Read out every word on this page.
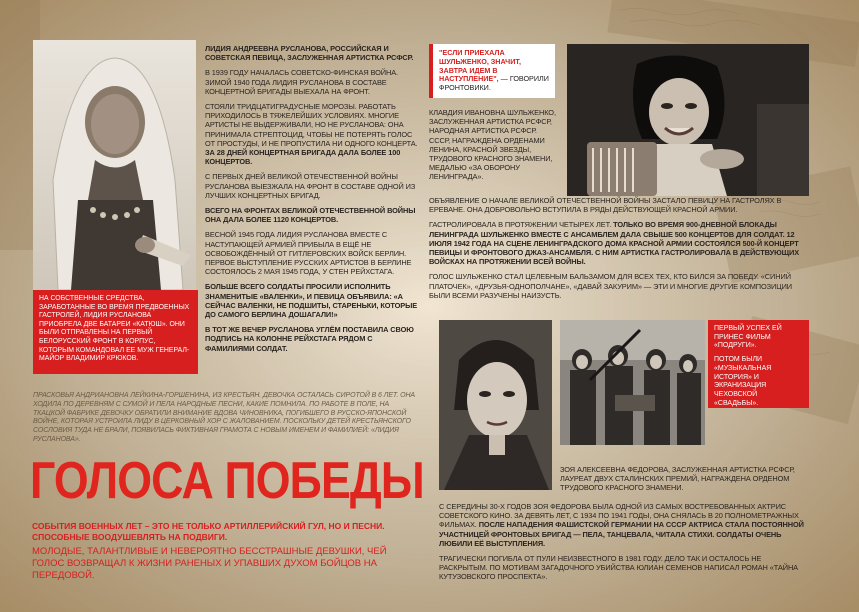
ЛИДИЯ АНДРЕЕВНА РУСЛАНОВА, РОССИЙСКАЯ И СОВЕТСКАЯ ПЕВИЦА, ЗАСЛУЖЕННАЯ АРТИСТКА РСФСР.

В 1939 ГОДУ НАЧАЛАСЬ СОВЕТСКО-ФИНСКАЯ ВОЙНА. ЗИМОЙ 1940 ГОДА ЛИДИЯ РУСЛАНОВА В СОСТАВЕ КОНЦЕРТНОЙ БРИГАДЫ ВЫЕХАЛА НА ФРОНТ.

СТОЯЛИ ТРИДЦАТИГРАДУСНЫЕ МОРОЗЫ. РАБОТАТЬ ПРИХОДИЛОСЬ В ТЯЖЕЛЕЙШИХ УСЛОВИЯХ. МНОГИЕ АРТИСТЫ НЕ ВЫДЕРЖИВАЛИ, НО НЕ РУСЛАНОВА: ОНА ПРИНИМАЛА СТРЕПТОЦИД, ЧТОБЫ НЕ ПОТЕРЯТЬ ГОЛОС ОТ ПРОСТУДЫ, И НЕ ПРОПУСТИЛА НИ ОДНОГО КОНЦЕРТА. ЗА 28 ДНЕЙ КОНЦЕРТНАЯ БРИГАДА ДАЛА БОЛЕЕ 100 КОНЦЕРТОВ.

С ПЕРВЫХ ДНЕЙ ВЕЛИКОЙ ОТЕЧЕСТВЕННОЙ ВОЙНЫ РУСЛАНОВА ВЫЕЗЖАЛА НА ФРОНТ В СОСТАВЕ ОДНОЙ ИЗ ЛУЧШИХ КОНЦЕРТНЫХ БРИГАД.

ВСЕГО НА ФРОНТАХ ВЕЛИКОЙ ОТЕЧЕСТВЕННОЙ ВОЙНЫ ОНА ДАЛА БОЛЕЕ 1120 КОНЦЕРТОВ.

ВЕСНОЙ 1945 ГОДА ЛИДИЯ РУСЛАНОВА ВМЕСТЕ С НАСТУПАЮЩЕЙ АРМИЕЙ ПРИБЫЛА В ЕЩЁ НЕ ОСВОБОЖДЁННЫЙ ОТ ГИТЛЕРОВСКИХ ВОЙСК БЕРЛИН. ПЕРВОЕ ВЫСТУПЛЕНИЕ РУССКИХ АРТИСТОВ В БЕРЛИНЕ СОСТОЯЛОСЬ 2 МАЯ 1945 ГОДА, У СТЕН РЕЙХСТАГА.

БОЛЬШЕ ВСЕГО СОЛДАТЫ ПРОСИЛИ ИСПОЛНИТЬ ЗНАМЕНИТЫЕ «ВАЛЕНКИ», И ПЕВИЦА ОБЪЯВИЛА: «А СЕЙЧАС ВАЛЕНКИ, НЕ ПОДШИТЫ, СТАРЕНЬКИ, КОТОРЫЕ ДО САМОГО БЕРЛИНА ДОШАГАЛИ!»

В ТОТ ЖЕ ВЕЧЕР РУСЛАНОВА УГЛЁМ ПОСТАВИЛА СВОЮ ПОДПИСЬ НА КОЛОННЕ РЕЙХСТАГА РЯДОМ С ФАМИЛИЯМИ СОЛДАТ.

НА СОБСТВЕННЫЕ СРЕДСТВА, ЗАРАБОТАННЫЕ ВО ВРЕМЯ ПРЕДВОЕННЫХ ГАСТРОЛЕЙ, ЛИДИЯ РУСЛАНОВА ПРИОБРЕЛА ДВЕ БАТАРЕИ «КАТЮШ». ОНИ БЫЛИ ОТПРАВЛЕНЫ НА ПЕРВЫЙ БЕЛОРУССКИЙ ФРОНТ В КОРПУС, КОТОРЫМ КОМАНДОВАЛ ЕЕ МУЖ ГЕНЕРАЛ-МАЙОР ВЛАДИМИР КРЮКОВ.
ПРАСКОВЬЯ АНДРИАНОВНА ЛЕЙКИНА-ГОРШЕНИНА, ИЗ КРЕСТЬЯН. ДЕВОЧКА ОСТАЛАСЬ СИРОТОЙ В 6 ЛЕТ. ОНА ХОДИЛА ПО ДЕРЕВНЯМ С СУМОЙ И ПЕЛА НАРОДНЫЕ ПЕСНИ, КАКИЕ ПОМНИЛА. ПО РАБОТЕ В ПОЛЕ, НА ТКАЦКОЙ ФАБРИКЕ ДЕВОЧКУ ОБРАТИЛИ ВНИМАНИЕ ВДОВА ЧИНОВНИКА, ПОГИБШЕГО В РУССКО-ЯПОНСКОЙ ВОЙНЕ, КОТОРАЯ УСТРОИЛА ЛИДУ В ЦЕРКОВНЫЙ ХОР С ЖАЛОВАНИЕМ. ПОСКОЛЬКУ ДЕТЕЙ КРЕСТЬЯНСКОГО СОСЛОВИЯ ТУДА НЕ БРАЛИ, ПОЯВИЛАСЬ ФИКТИВНАЯ ГРАМОТА С НОВЫМ ИМЕНЕМ И ФАМИЛИЕЙ: «ЛИДИЯ РУСЛАНОВА».
ГОЛОСА ПОБЕДЫ
СОБЫТИЯ ВОЕННЫХ ЛЕТ – ЭТО НЕ ТОЛЬКО АРТИЛЛЕРИЙСКИЙ ГУЛ, НО И ПЕСНИ. СПОСОБНЫЕ ВООДУШЕВЛЯТЬ НА ПОДВИГИ.
МОЛОДЫЕ, ТАЛАНТЛИВЫЕ И НЕВЕРОЯТНО БЕССТРАШНЫЕ ДЕВУШКИ, ЧЕЙ ГОЛОС ВОЗВРАЩАЛ К ЖИЗНИ РАНЕНЫХ И УПАВШИХ ДУХОМ БОЙЦОВ НА ПЕРЕДОВОЙ.
"ЕСЛИ ПРИЕХАЛА ШУЛЬЖЕНКО, ЗНАЧИТ, ЗАВТРА ИДЕМ В НАСТУПЛЕНИЕ", — ГОВОРИЛИ ФРОНТОВИКИ.

КЛАВДИЯ ИВАНОВНА ШУЛЬЖЕНКО, ЗАСЛУЖЕННАЯ АРТИСТКА РСФСР, НАРОДНАЯ АРТИСТКА РСФСР. СССР, НАГРАЖДЕНА ОРДЕНАМИ ЛЕНИНА, КРАСНОЙ ЗВЕЗДЫ, ТРУДОВОГО КРАСНОГО ЗНАМЕНИ, МЕДАЛЬЮ «ЗА ОБОРОНУ ЛЕНИНГРАДА».

ОБЪЯВЛЕНИЕ О НАЧАЛЕ ВЕЛИКОЙ ОТЕЧЕСТВЕННОЙ ВОЙНЫ ЗАСТАЛО ПЕВИЦУ НА ГАСТРОЛЯХ В ЕРЕВАНЕ. ОНА ДОБРОВОЛЬНО ВСТУПИЛА В РЯДЫ ДЕЙСТВУЮЩЕЙ КРАСНОЙ АРМИИ.

ГАСТРОЛИРОВАЛА В ПРОТЯЖЕНИИ ЧЕТЫРЕХ ЛЕТ. ТОЛЬКО ВО ВРЕМЯ 900-ДНЕВНОЙ БЛОКАДЫ ЛЕНИНГРАДА ШУЛЬЖЕНКО ВМЕСТЕ С АНСАМБЛЕМ ДАЛА СВЫШЕ 500 КОНЦЕРТОВ ДЛЯ СОЛДАТ. 12 ИЮЛЯ 1942 ГОДА НА СЦЕНЕ ЛЕНИНГРАДСКОГО ДОМА КРАСНОЙ АРМИИ СОСТОЯЛСЯ 500-Й КОНЦЕРТ ПЕВИЦЫ И ФРОНТОВОГО ДЖАЗ-АНСАМБЛЯ. С НИМ АРТИСТКА ГАСТРОЛИРОВАЛА В ДЕЙСТВУЮЩИХ ВОЙСКАХ НА ПРОТЯЖЕНИИ ВСЕЙ ВОЙНЫ.

ГОЛОС ШУЛЬЖЕНКО СТАЛ ЦЕЛЕБНЫМ БАЛЬЗАМОМ ДЛЯ ВСЕХ ТЕХ, КТО БИЛСЯ ЗА ПОБЕДУ. «СИНИЙ ПЛАТОЧЕК», «ДРУЗЬЯ-ОДНОПОЛЧАНЕ», «ДАВАЙ ЗАКУРИМ» — ЭТИ И МНОГИЕ ДРУГИЕ КОМПОЗИЦИИ БЫЛИ ВСЕМИ РАЗУЧЕНЫ НАИЗУСТЬ.

ПЕРВЫЙ УСПЕХ ЕЙ ПРИНЕС ФИЛЬМ «ПОДРУГИ».
ПОТОМ БЫЛИ «МУЗЫКАЛЬНАЯ ИСТОРИЯ» И ЭКРАНИЗАЦИЯ ЧЕХОВСКОЙ «СВАДЬБЫ».

ЗОЯ АЛЕКСЕЕВНА ФЕДОРОВА, ЗАСЛУЖЕННАЯ АРТИСТКА РСФСР, ЛАУРЕАТ ДВУХ СТАЛИНСКИХ ПРЕМИЙ, НАГРАЖДЕНА ОРДЕНОМ ТРУДОВОГО КРАСНОГО ЗНАМЕНИ.

С СЕРЕДИНЫ 30-Х ГОДОВ ЗОЯ ФЕДОРОВА БЫЛА ОДНОЙ ИЗ САМЫХ ВОСТРЕБОВАННЫХ АКТРИС СОВЕТСКОГО КИНО. ЗА ДЕВЯТЬ ЛЕТ, С 1934 ПО 1941 ГОДЫ, ОНА СНЯЛАСЬ В 20 ПОЛНОМЕТРАЖНЫХ ФИЛЬМАХ. ПОСЛЕ НАПАДЕНИЯ ФАШИСТСКОЙ ГЕРМАНИИ НА СССР АКТРИСА СТАЛА ПОСТОЯННОЙ УЧАСТНИЦЕЙ ФРОНТОВЫХ БРИГАД — ПЕЛА, ТАНЦЕВАЛА, ЧИТАЛА СТИХИ. СОЛДАТЫ ОЧЕНЬ ЛЮБИЛИ ЕЁ ВЫСТУПЛЕНИЯ.

ТРАГИЧЕСКИ ПОГИБЛА ОТ ПУЛИ НЕИЗВЕСТНОГО В 1981 ГОДУ. ДЕЛО ТАК И ОСТАЛОСЬ НЕ РАСКРЫТЫМ. ПО МОТИВАМ ЗАГАДОЧНОГО УБИЙСТВА ЮЛИАН СЕМЕНОВ НАПИСАЛ РОМАН «ТАЙНА КУТУЗОВСКОГО ПРОСПЕКТА».
